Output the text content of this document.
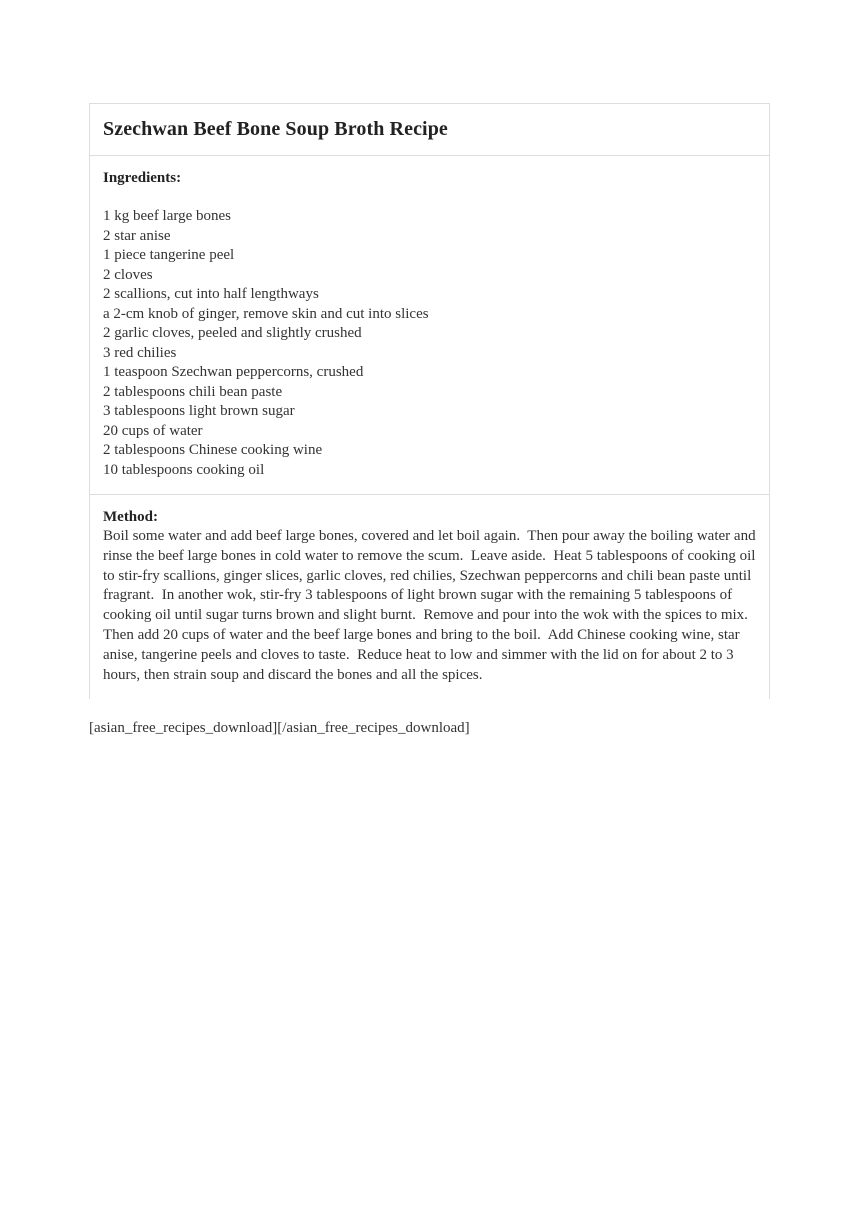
Szechwan Beef Bone Soup Broth Recipe

Ingredients:
1 kg beef large bones
2 star anise
1 piece tangerine peel
2 cloves
2 scallions, cut into half lengthways
a 2-cm knob of ginger, remove skin and cut into slices
2 garlic cloves, peeled and slightly crushed
3 red chilies
1 teaspoon Szechwan peppercorns, crushed
2 tablespoons chili bean paste
3 tablespoons light brown sugar
20 cups of water
2 tablespoons Chinese cooking wine
10 tablespoons cooking oil

Method:

Boil some water and add beef large bones, covered and let boil again.  Then pour away the boiling water and rinse the beef large bones in cold water to remove the scum.  Leave aside.  Heat 5 tablespoons of cooking oil to stir-fry scallions, ginger slices, garlic cloves, red chilies, Szechwan peppercorns and chili bean paste until fragrant.  In another wok, stir-fry 3 tablespoons of light brown sugar with the remaining 5 tablespoons of cooking oil until sugar turns brown and slight burnt.  Remove and pour into the wok with the spices to mix.  Then add 20 cups of water and the beef large bones and bring to the boil.  Add Chinese cooking wine, star anise, tangerine peels and cloves to taste.  Reduce heat to low and simmer with the lid on for about 2 to 3 hours, then strain soup and discard the bones and all the spices.

[asian_free_recipes_download][/asian_free_recipes_download]
